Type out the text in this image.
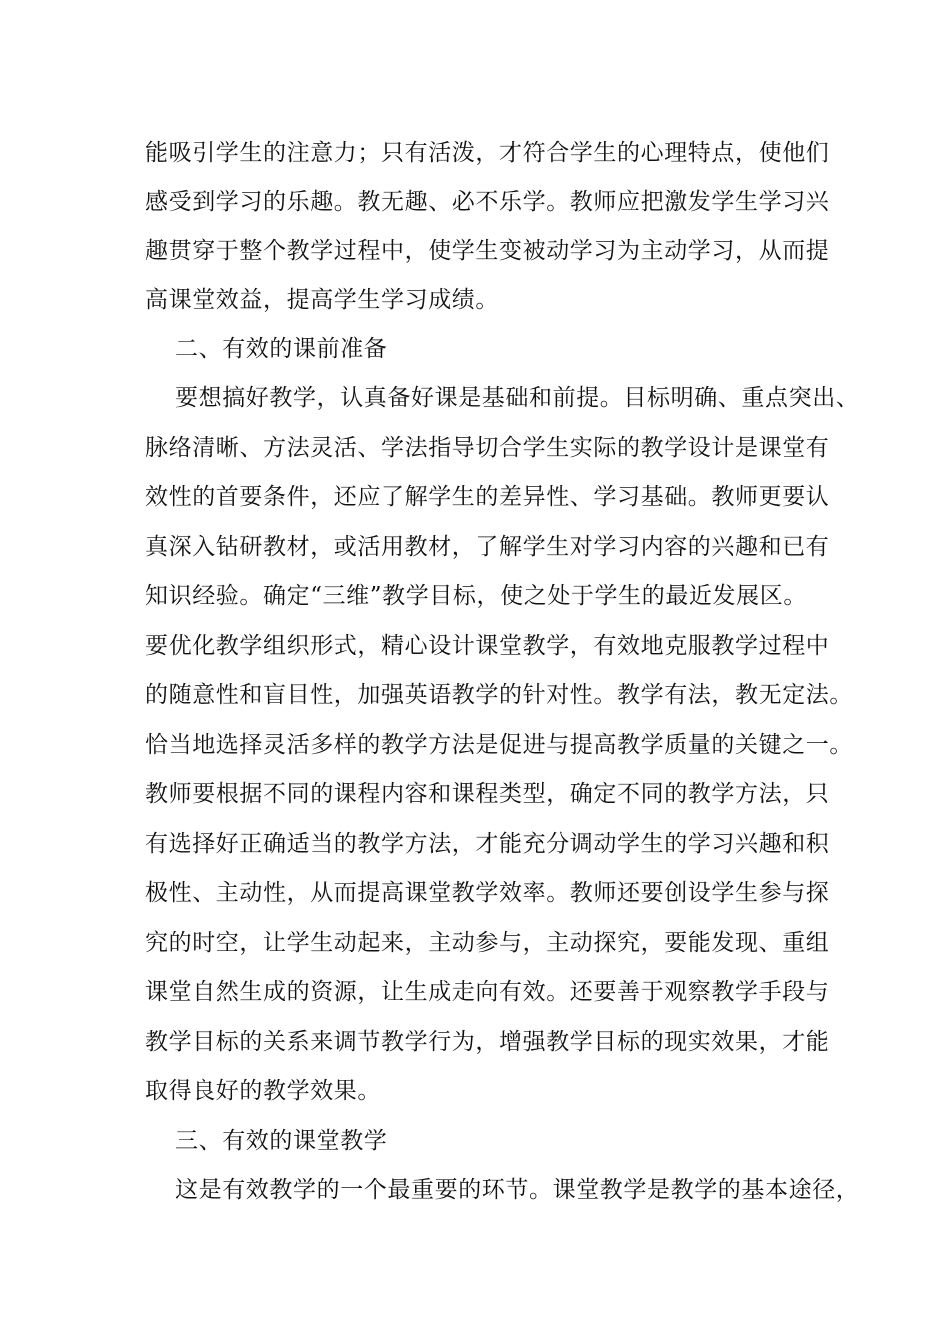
能吸引学生的注意力；只有活泼，才符合学生的心理特点，使他们
感受到学习的乐趣。教无趣、必不乐学。教师应把激发学生学习兴
趣贯穿于整个教学过程中，使学生变被动学习为主动学习，从而提
高课堂效益，提高学生学习成绩。
二、有效的课前准备
要想搞好教学，认真备好课是基础和前提。目标明确、重点突出、
脉络清晰、方法灵活、学法指导切合学生实际的教学设计是课堂有
效性的首要条件，还应了解学生的差异性、学习基础。教师更要认
真深入钻研教材，或活用教材，了解学生对学习内容的兴趣和已有
知识经验。确定“三维”教学目标，使之处于学生的最近发展区。
要优化教学组织形式，精心设计课堂教学，有效地克服教学过程中
的随意性和盲目性，加强英语教学的针对性。教学有法，教无定法。
恰当地选择灵活多样的教学方法是促进与提高教学质量的关键之一。
教师要根据不同的课程内容和课程类型，确定不同的教学方法，只
有选择好正确适当的教学方法，才能充分调动学生的学习兴趣和积
极性、主动性，从而提高课堂教学效率。教师还要创设学生参与探
究的时空，让学生动起来，主动参与，主动探究，要能发现、重组
课堂自然生成的资源，让生成走向有效。还要善于观察教学手段与
教学目标的关系来调节教学行为，增强教学目标的现实效果，才能
取得良好的教学效果。
三、有效的课堂教学
这是有效教学的一个最重要的环节。课堂教学是教学的基本途径，
